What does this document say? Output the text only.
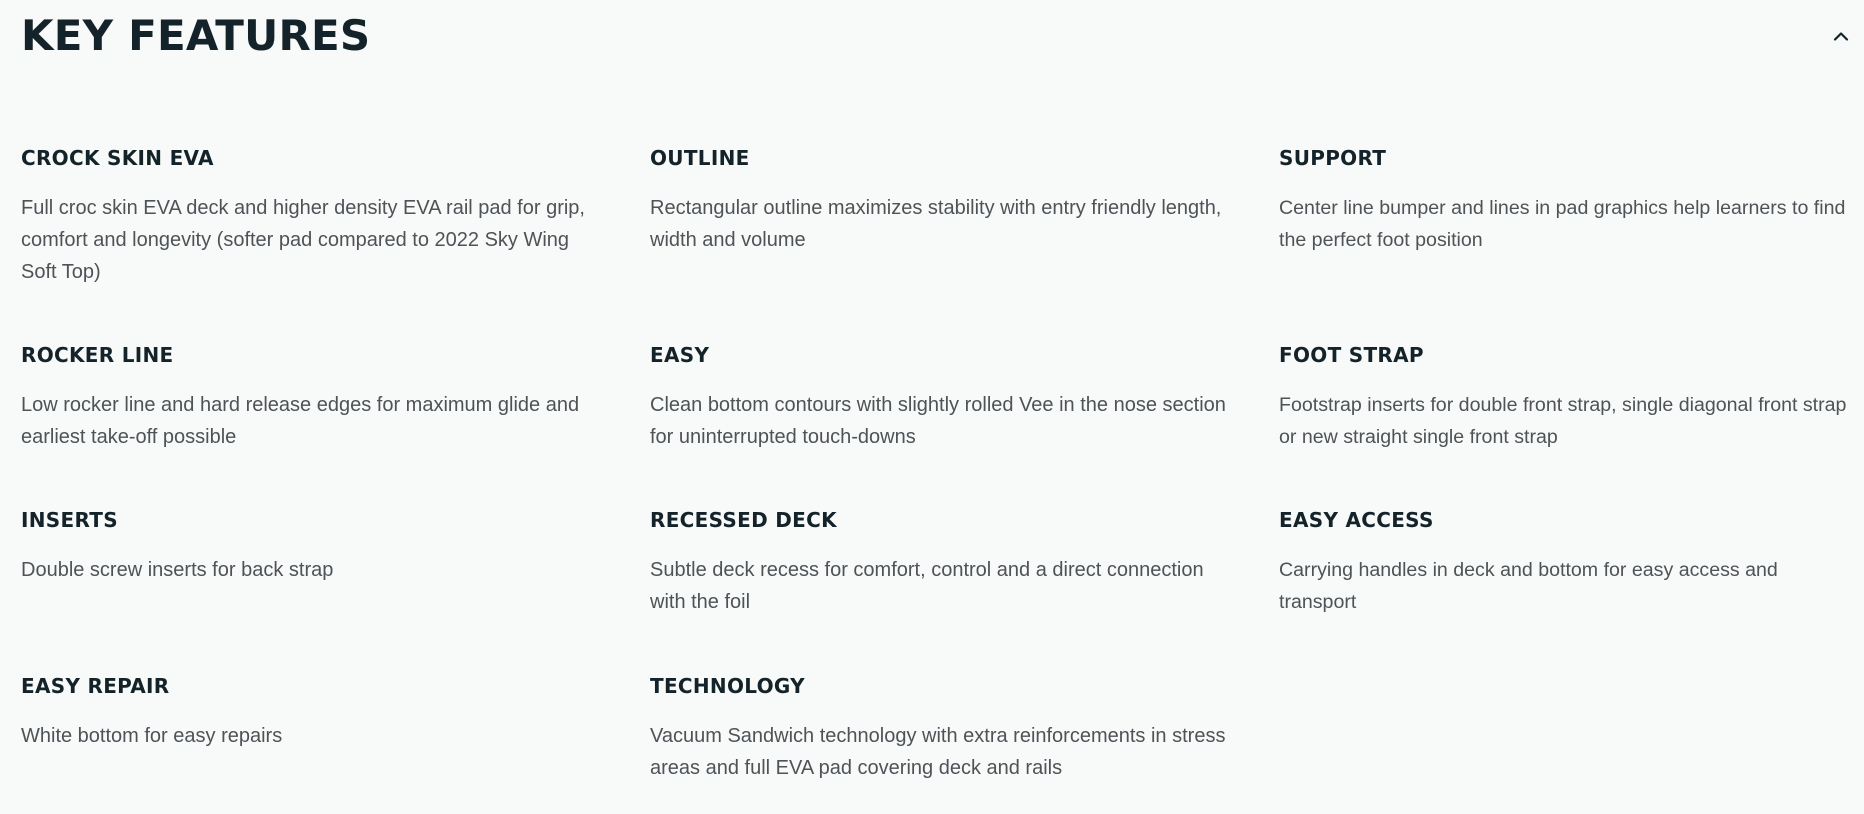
KEY FEATURES
CROCK SKIN EVA

Full croc skin EVA deck and higher density EVA rail pad for grip, comfort and longevity (softer pad compared to 2022 Sky Wing Soft Top)

OUTLINE

Rectangular outline maximizes stability with entry friendly length, width and volume

SUPPORT

Center line bumper and lines in pad graphics help learners to find the perfect foot position

ROCKER LINE

Low rocker line and hard release edges for maximum glide and earliest take-off possible

EASY

Clean bottom contours with slightly rolled Vee in the nose section for uninterrupted touch-downs

FOOT STRAP

Footstrap inserts for double front strap, single diagonal front strap or new straight single front strap

INSERTS

Double screw inserts for back strap

RECESSED DECK

Subtle deck recess for comfort, control and a direct connection with the foil

EASY ACCESS

Carrying handles in deck and bottom for easy access and transport

EASY REPAIR

White bottom for easy repairs

TECHNOLOGY

Vacuum Sandwich technology with extra reinforcements in stress areas and full EVA pad covering deck and rails
